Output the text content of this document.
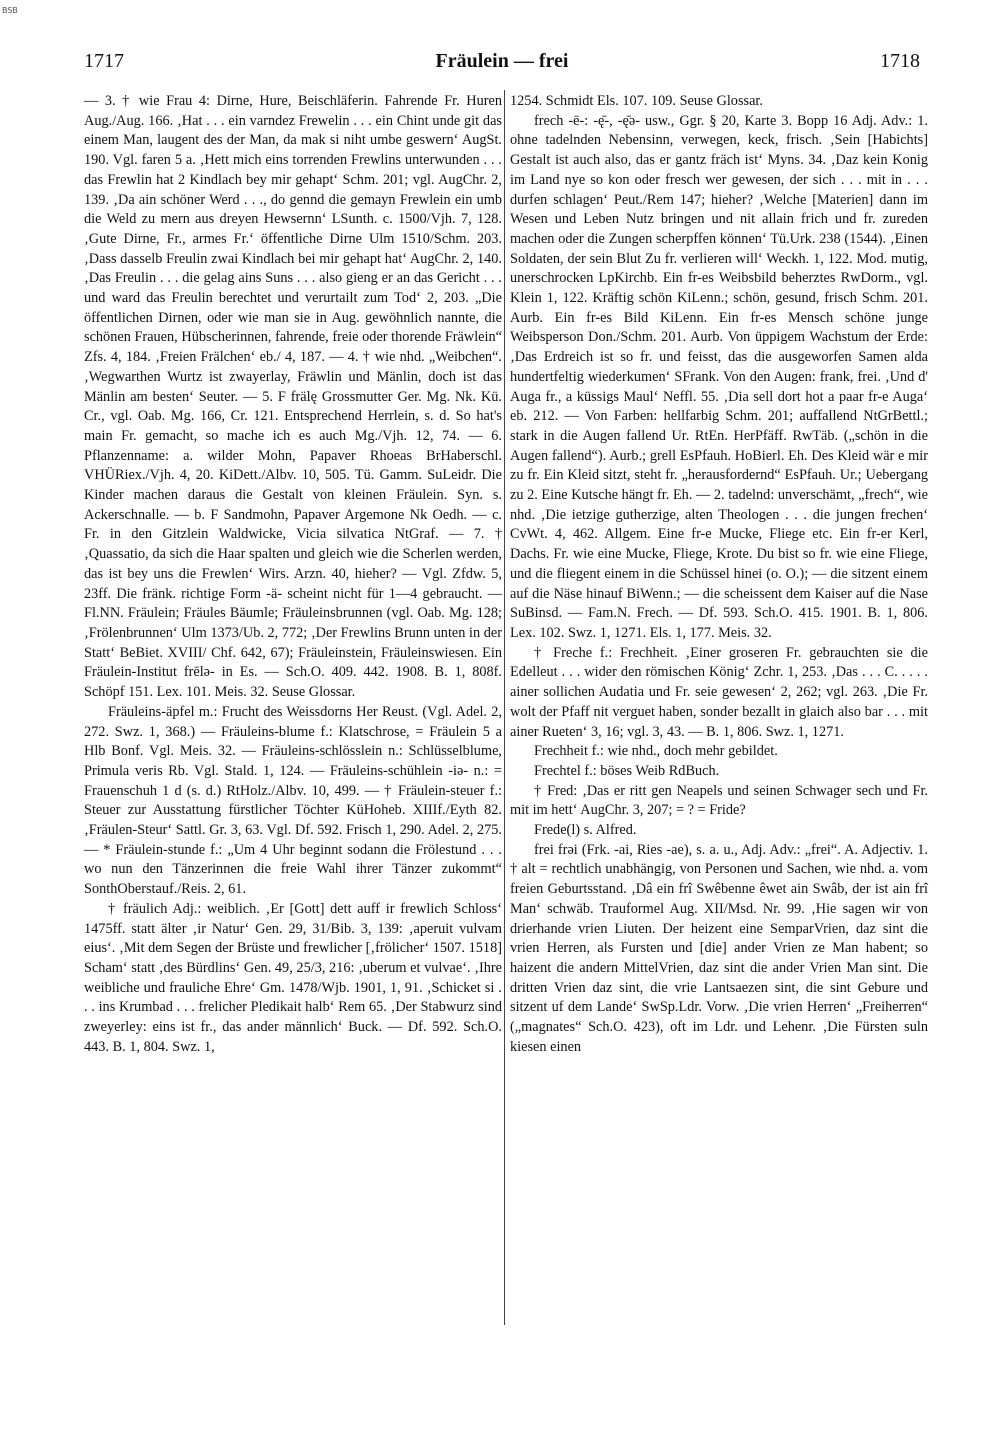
BSB
1717	Fräulein — frei	1718

— 3. † wie Frau 4: Dirne, Hure, Beischläferin. Fahrende Fr. Huren Aug./Aug. 166. ‚Hat . . . ein varndez Frewelin . . . ein Chint unde git das einem Man, laugent des der Man, da mak si niht umbe geswern‘ AugSt. 190. Vgl. faren 5 a. ‚Hett mich eins torrenden Frewlins unterwunden . . . das Frewlin hat 2 Kindlach bey mir gehapt‘ Schm. 201; vgl. AugChr. 2, 139. ‚Da ain schöner Werd . . ., do gennd die gemayn Frewlein ein umb die Weld zu mern aus dreyen Hewsernn‘ LSunth. c. 1500/Vjh. 7, 128. ‚Gute Dirne, Fr., armes Fr.‘ öffentliche Dirne Ulm 1510/Schm. 203. ‚Dass dasselb Freulin zwai Kindlach bei mir gehapt hat‘ AugChr. 2, 140. ‚Das Freulin . . . die gelag ains Suns . . . also gieng er an das Gericht . . . und ward das Freulin berechtet und verurtailt zum Tod‘ 2, 203. „Die öffentlichen Dirnen, oder wie man sie in Aug. gewöhnlich nannte, die schönen Frauen, Hübscherinnen, fahrende, freie oder thorende Fräwlein“ Zfs. 4, 184. ‚Freien Frälchen‘ eb./ 4, 187. — 4. † wie nhd. „Weibchen“. ‚Wegwarthen Wurtz ist zwayerlay, Fräwlin und Mänlin, doch ist das Mänlin am besten‘ Seuter. — 5. F frälę Grossmutter Ger. Mg. Nk. Kü. Cr., vgl. Oab. Mg. 166, Cr. 121. Entsprechend Herrlein, s. d. So hat's main Fr. gemacht, so mache ich es auch Mg./Vjh. 12, 74. — 6. Pflanzenname: a. wilder Mohn, Papaver Rhoeas BrHaberschl. VHÜRiex./Vjh. 4, 20. KiDett./Albv. 10, 505. Tü. Gamm. SuLeidr. Die Kinder machen daraus die Gestalt von kleinen Fräulein. Syn. s. Ackerschnalle. — b. F Sandmohn, Papaver Argemone Nk Oedh. — c. Fr. in den Gitzlein Waldwicke, Vicia silvatica NtGraf. — 7. † ‚Quassatio, da sich die Haar spalten und gleich wie die Scherlen werden, das ist bey uns die Frewlen‘ Wirs. Arzn. 40, hieher? — Vgl. Zfdw. 5, 23ff. Die fränk. richtige Form -ä- scheint nicht für 1—4 gebraucht. — Fl.NN. Fräulein; Fräules Bäumle; Fräuleinsbrunnen (vgl. Oab. Mg. 128; ‚Frölenbrunnen‘ Ulm 1373/Ub. 2, 772; ‚Der Frewlins Brunn unten in der Statt‘ BeBiet. XVIII/ Chf. 642, 67); Fräuleinstein, Fräuleinswiesen. Ein Fräulein-Institut frēlə- in Es. — Sch.O. 409. 442. 1908. B. 1, 808f. Schöpf 151. Lex. 101. Meis. 32. Seuse Glossar.

Fräuleins-äpfel m.: Frucht des Weissdorns Her Reust. (Vgl. Adel. 2, 272. Swz. 1, 368.) — Fräuleins-blume f.: Klatschrose, = Fräulein 5 a Hlb Bonf. Vgl. Meis. 32. — Fräuleins-schlösslein n.: Schlüsselblume, Primula veris Rb. Vgl. Stald. 1, 124. — Fräuleins-schühlein -iə- n.: = Frauenschuh 1 d (s. d.) RtHolz./Albv. 10, 499. — † Fräulein-steuer f.: Steuer zur Ausstattung fürstlicher Töchter KüHoheb. XIIIf./Eyth 82. ‚Fräulen-Steur‘ Sattl. Gr. 3, 63. Vgl. Df. 592. Frisch 1, 290. Adel. 2, 275. — * Fräulein-stunde f.: „Um 4 Uhr beginnt sodann die Frölestund . . . wo nun den Tänzerinnen die freie Wahl ihrer Tänzer zukommt“ SonthOberstauf./Reis. 2, 61.

† fräulich Adj.: weiblich. ‚Er [Gott] dett auff ir frewlich Schloss‘ 1475ff. statt älter ‚ir Natur‘ Gen. 29, 31/Bib. 3, 139: ‚aperuit vulvam eius‘. ‚Mit dem Segen der Brüste und frewlicher [‚frölicher‘ 1507. 1518] Scham‘ statt ‚des Bürdlins‘ Gen. 49, 25/3, 216: ‚uberum et vulvae‘. ‚Ihre weibliche und frauliche Ehre‘ Gm. 1478/Wjb. 1901, 1, 91. ‚Schicket si . . . ins Krumbad . . . frelicher Pledikait halb‘ Rem 65. ‚Der Stabwurz sind zweyerley: eins ist fr., das ander männlich‘ Buck. — Df. 592. Sch.O. 443. B. 1, 804. Swz. 1,

1254. Schmidt Els. 107. 109. Seuse Glossar.

frech -ē-: -ę̄-, -ę̄ə- usw., Ggr. § 20, Karte 3. Bopp 16 Adj. Adv.: 1. ohne tadelnden Nebensinn, verwegen, keck, frisch. ‚Sein [Habichts] Gestalt ist auch also, das er gantz fräch ist‘ Myns. 34. ‚Daz kein Konig im Land nye so kon oder fresch wer gewesen, der sich . . . mit in . . . durfen schlagen‘ Peut./Rem 147; hieher? ‚Welche [Materien] dann im Wesen und Leben Nutz bringen und nit allain frich und fr. zureden machen oder die Zungen scherpffen können‘ Tü.Urk. 238 (1544). ‚Einen Soldaten, der sein Blut Zu fr. verlieren will‘ Weckh. 1, 122. Mod. mutig, unerschrocken LpKirchb. Ein fr-es Weibsbild beherztes RwDorm., vgl. Klein 1, 122. Kräftig schön KiLenn.; schön, gesund, frisch Schm. 201. Aurb. Ein fr-es Bild KiLenn. Ein fr-es Mensch schöne junge Weibsperson Don./Schm. 201. Aurb. Von üppigem Wachstum der Erde: ‚Das Erdreich ist so fr. und feisst, das die ausgeworfen Samen alda hundertfeltig wiederkumen‘ SFrank. Von den Augen: frank, frei. ‚Und d' Auga fr., a küssigs Maul‘ Neffl. 55. ‚Dia sell dort hot a paar fr-e Auga‘ eb. 212. — Von Farben: hellfarbig Schm. 201; auffallend NtGrBettl.; stark in die Augen fallend Ur. RtEn. HerPfäff. RwTäb. („schön in die Augen fallend“). Aurb.; grell EsPfauh. HoBierl. Eh. Des Kleid wär e mir zu fr. Ein Kleid sitzt, steht fr. „herausfordernd“ EsPfauh. Ur.; Uebergang zu 2. Eine Kutsche hängt fr. Eh. — 2. tadelnd: unverschämt, „frech“, wie nhd. ‚Die ietzige gutherzige, alten Theologen . . . die jungen frechen‘ CvWt. 4, 462. Allgem. Eine fr-e Mucke, Fliege etc. Ein fr-er Kerl, Dachs. Fr. wie eine Mucke, Fliege, Krote. Du bist so fr. wie eine Fliege, und die fliegent einem in die Schüssel hinei (o. O.); — die sitzent einem auf die Näse hinauf BiWenn.; — die scheissent dem Kaiser auf die Nase SuBinsd. — Fam.N. Frech. — Df. 593. Sch.O. 415. 1901. B. 1, 806. Lex. 102. Swz. 1, 1271. Els. 1, 177. Meis. 32.

† Freche f.: Frechheit. ‚Einer groseren Fr. gebrauchten sie die Edelleut . . . wider den römischen König‘ Zchr. 1, 253. ‚Das . . . C. . . . . ainer sollichen Audatia und Fr. seie gewesen‘ 2, 262; vgl. 263. ‚Die Fr. wolt der Pfaff nit verguet haben, sonder bezallt in glaich also bar . . . mit ainer Rueten‘ 3, 16; vgl. 3, 43. — B. 1, 806. Swz. 1, 1271.

Frechheit f.: wie nhd., doch mehr gebildet.

Frechtel f.: böses Weib RdBuch.

† Fred: ‚Das er ritt gen Neapels und seinen Schwager sech und Fr. mit im hett‘ AugChr. 3, 207; = ? = Fride?

Frede(l) s. Alfred.

frei frəi (Frk. -ai, Ries -ae), s. a. u., Adj. Adv.: „frei“. A. Adjectiv. 1. † alt = rechtlich unabhängig, von Personen und Sachen, wie nhd. a. vom freien Geburtsstand. ‚Dâ ein frî Swêbenne êwet ain Swâb, der ist ain frî Man‘ schwäb. Trauformel Aug. XII/Msd. Nr. 99. ‚Hie sagen wir von drierhande vrien Liuten. Der heizent eine SemparVrien, daz sint die vrien Herren, als Fursten und [die] ander Vrien ze Man habent; so haizent die andern MittelVrien, daz sint die ander Vrien Man sint. Die dritten Vrien daz sint, die vrie Lantsaezen sint, die sint Gebure und sitzent uf dem Lande‘ SwSp.Ldr. Vorw. ‚Die vrien Herren‘ „Freiherren“ („magnates“ Sch.O. 423), oft im Ldr. und Lehenr. ‚Die Fürsten suln kiesen einen
